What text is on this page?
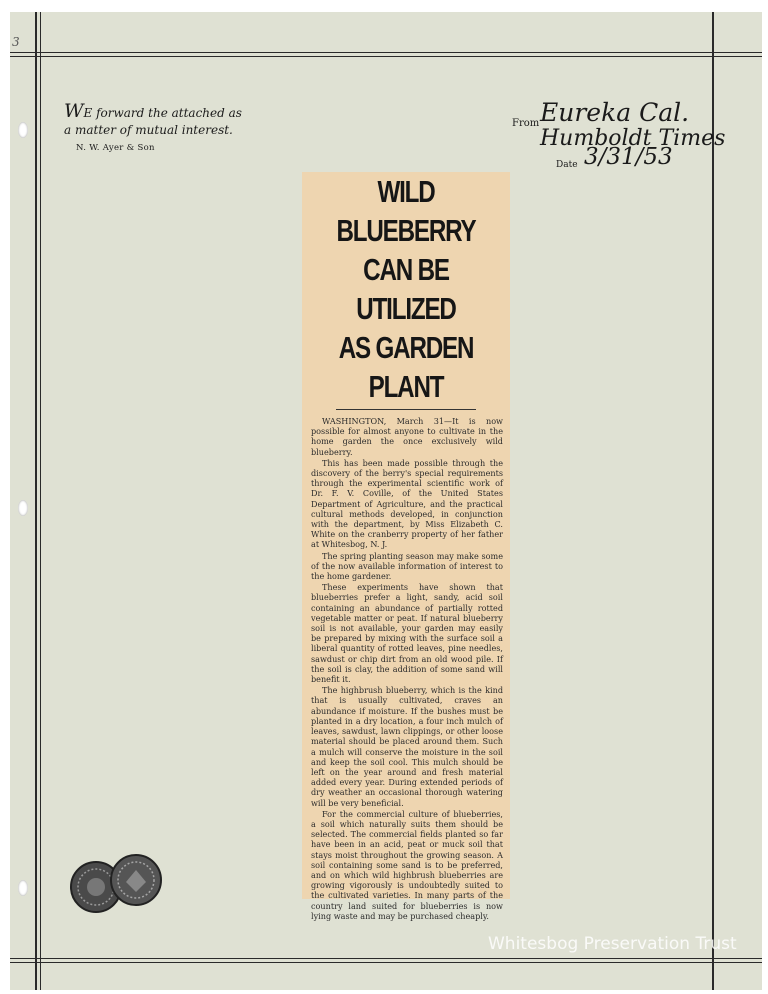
3
WE forward the attached as
a matter of mutual interest.
N. W. Ayer & Son
From Eureka Cal.
Humboldt Times
Date 3/31/53
WILD BLUEBERRY
CAN BE UTILIZED
AS GARDEN PLANT

WASHINGTON, March 31—It is now possible for almost anyone to cultivate in the home garden the once exclusively wild blueberry.

This has been made possible through the discovery of the berry's special requirements through the experimental scientific work of Dr. F. V. Coville, of the United States Department of Agriculture, and the practical cultural methods developed, in conjunction with the department, by Miss Elizabeth C. White on the cranberry property of her father at Whitesbog, N. J.

The spring planting season may make some of the now available information of interest to the home gardener.

These experiments have shown that blueberries prefer a light, sandy, acid soil containing an abundance of partially rotted vegetable matter or peat. If natural blueberry soil is not available, your garden may easily be prepared by mixing with the surface soil a liberal quantity of rotted leaves, pine needles, sawdust or chip dirt from an old wood pile. If the soil is clay, the addition of some sand will benefit it.

The highbrush blueberry, which is the kind that is usually cultivated, craves an abundance if moisture. If the bushes must be planted in a dry location, a four inch mulch of leaves, sawdust, lawn clippings, or other loose material should be placed around them. Such a mulch will conserve the moisture in the soil and keep the soil cool. This mulch should be left on the year around and fresh material added every year. During extended periods of dry weather an occasional thorough watering will be very beneficial.

For the commercial culture of blueberries, a soil which naturally suits them should be selected. The commercial fields planted so far have been in an acid, peat or muck soil that stays moist throughout the growing season. A soil containing some sand is to be preferred, and on which wild highbrush blueberries are growing vigorously is undoubtedly suited to the cultivated varieties. In many parts of the country land suited for blueberries is now lying waste and may be purchased cheaply.

Whitesbog Preservation Trust
